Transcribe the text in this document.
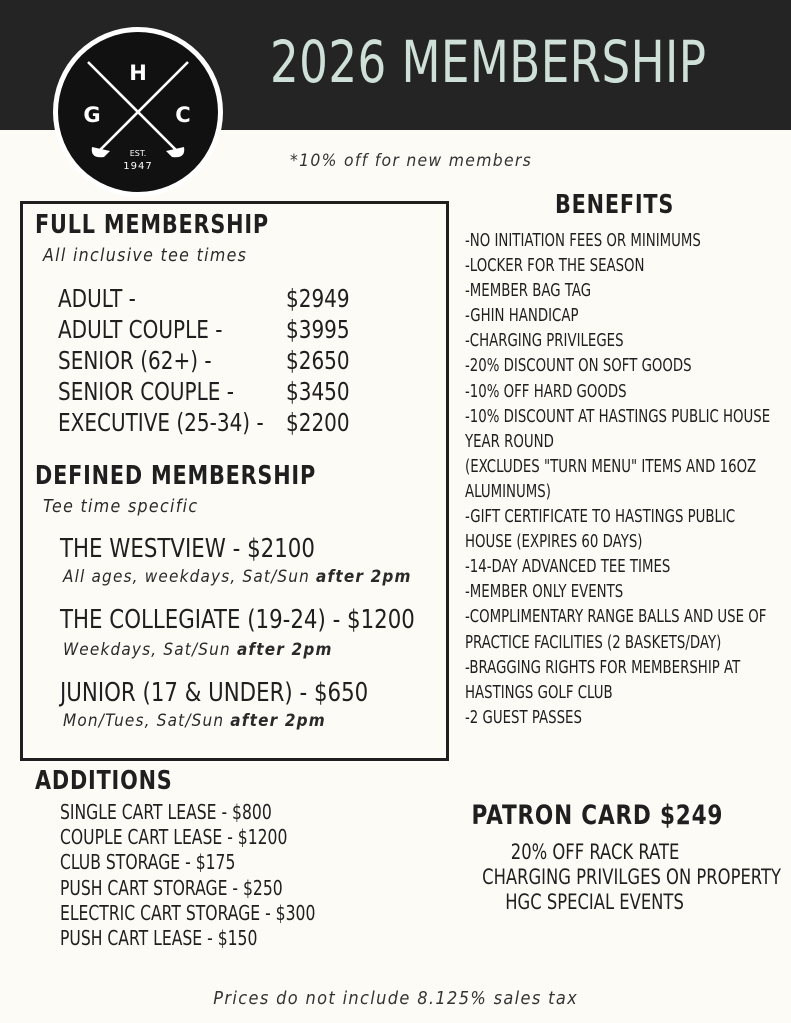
2026 MEMBERSHIP
H
G	C
EST.
1947	*10% off for new members
FULL MEMBERSHIP
All inclusive tee times
ADULT -	$2949
ADULT COUPLE -	$3995
SENIOR (62+) -	$2650
SENIOR COUPLE - $3450
EXECUTIVE (25-34) - $2200
DEFINED MEMBERSHIP
Tee time specific
THE WESTVIEW - $2100
All ages, weekdays, Sat/Sun after 2pm
THE COLLEGIATE (19-24) - $1200
Weekdays, Sat/Sun after 2pm
JUNIOR (17 & UNDER) - $650
Mon/Tues, Sat/Sun after 2pm
BENEFITS
-NO INITIATION FEES OR MINIMUMS
-LOCKER FOR THE SEASON
-MEMBER BAG TAG
-GHIN HANDICAP
-CHARGING PRIVILEGES
-20% DISCOUNT ON SOFT GOODS
-10% OFF HARD GOODS
-10% DISCOUNT AT HASTINGS PUBLIC HOUSE
YEAR ROUND
(EXCLUDES "TURN MENU" ITEMS AND 16OZ
ALUMINUMS)
-GIFT CERTIFICATE TO HASTINGS PUBLIC
HOUSE (EXPIRES 60 DAYS)
-14-DAY ADVANCED TEE TIMES
-MEMBER ONLY EVENTS
-COMPLIMENTARY RANGE BALLS AND USE OF
PRACTICE FACILITIES (2 BASKETS/DAY)
-BRAGGING RIGHTS FOR MEMBERSHIP AT
HASTINGS GOLF CLUB
-2 GUEST PASSES
ADDITIONS
SINGLE CART LEASE - $800
COUPLE CART LEASE - $1200
CLUB STORAGE - $175
PUSH CART STORAGE - $250
ELECTRIC CART STORAGE - $300
PUSH CART LEASE - $150
PATRON CARD $249
20% OFF RACK RATE
CHARGING PRIVILGES ON PROPERTY
HGC SPECIAL EVENTS
Prices do not include 8.125% sales tax
